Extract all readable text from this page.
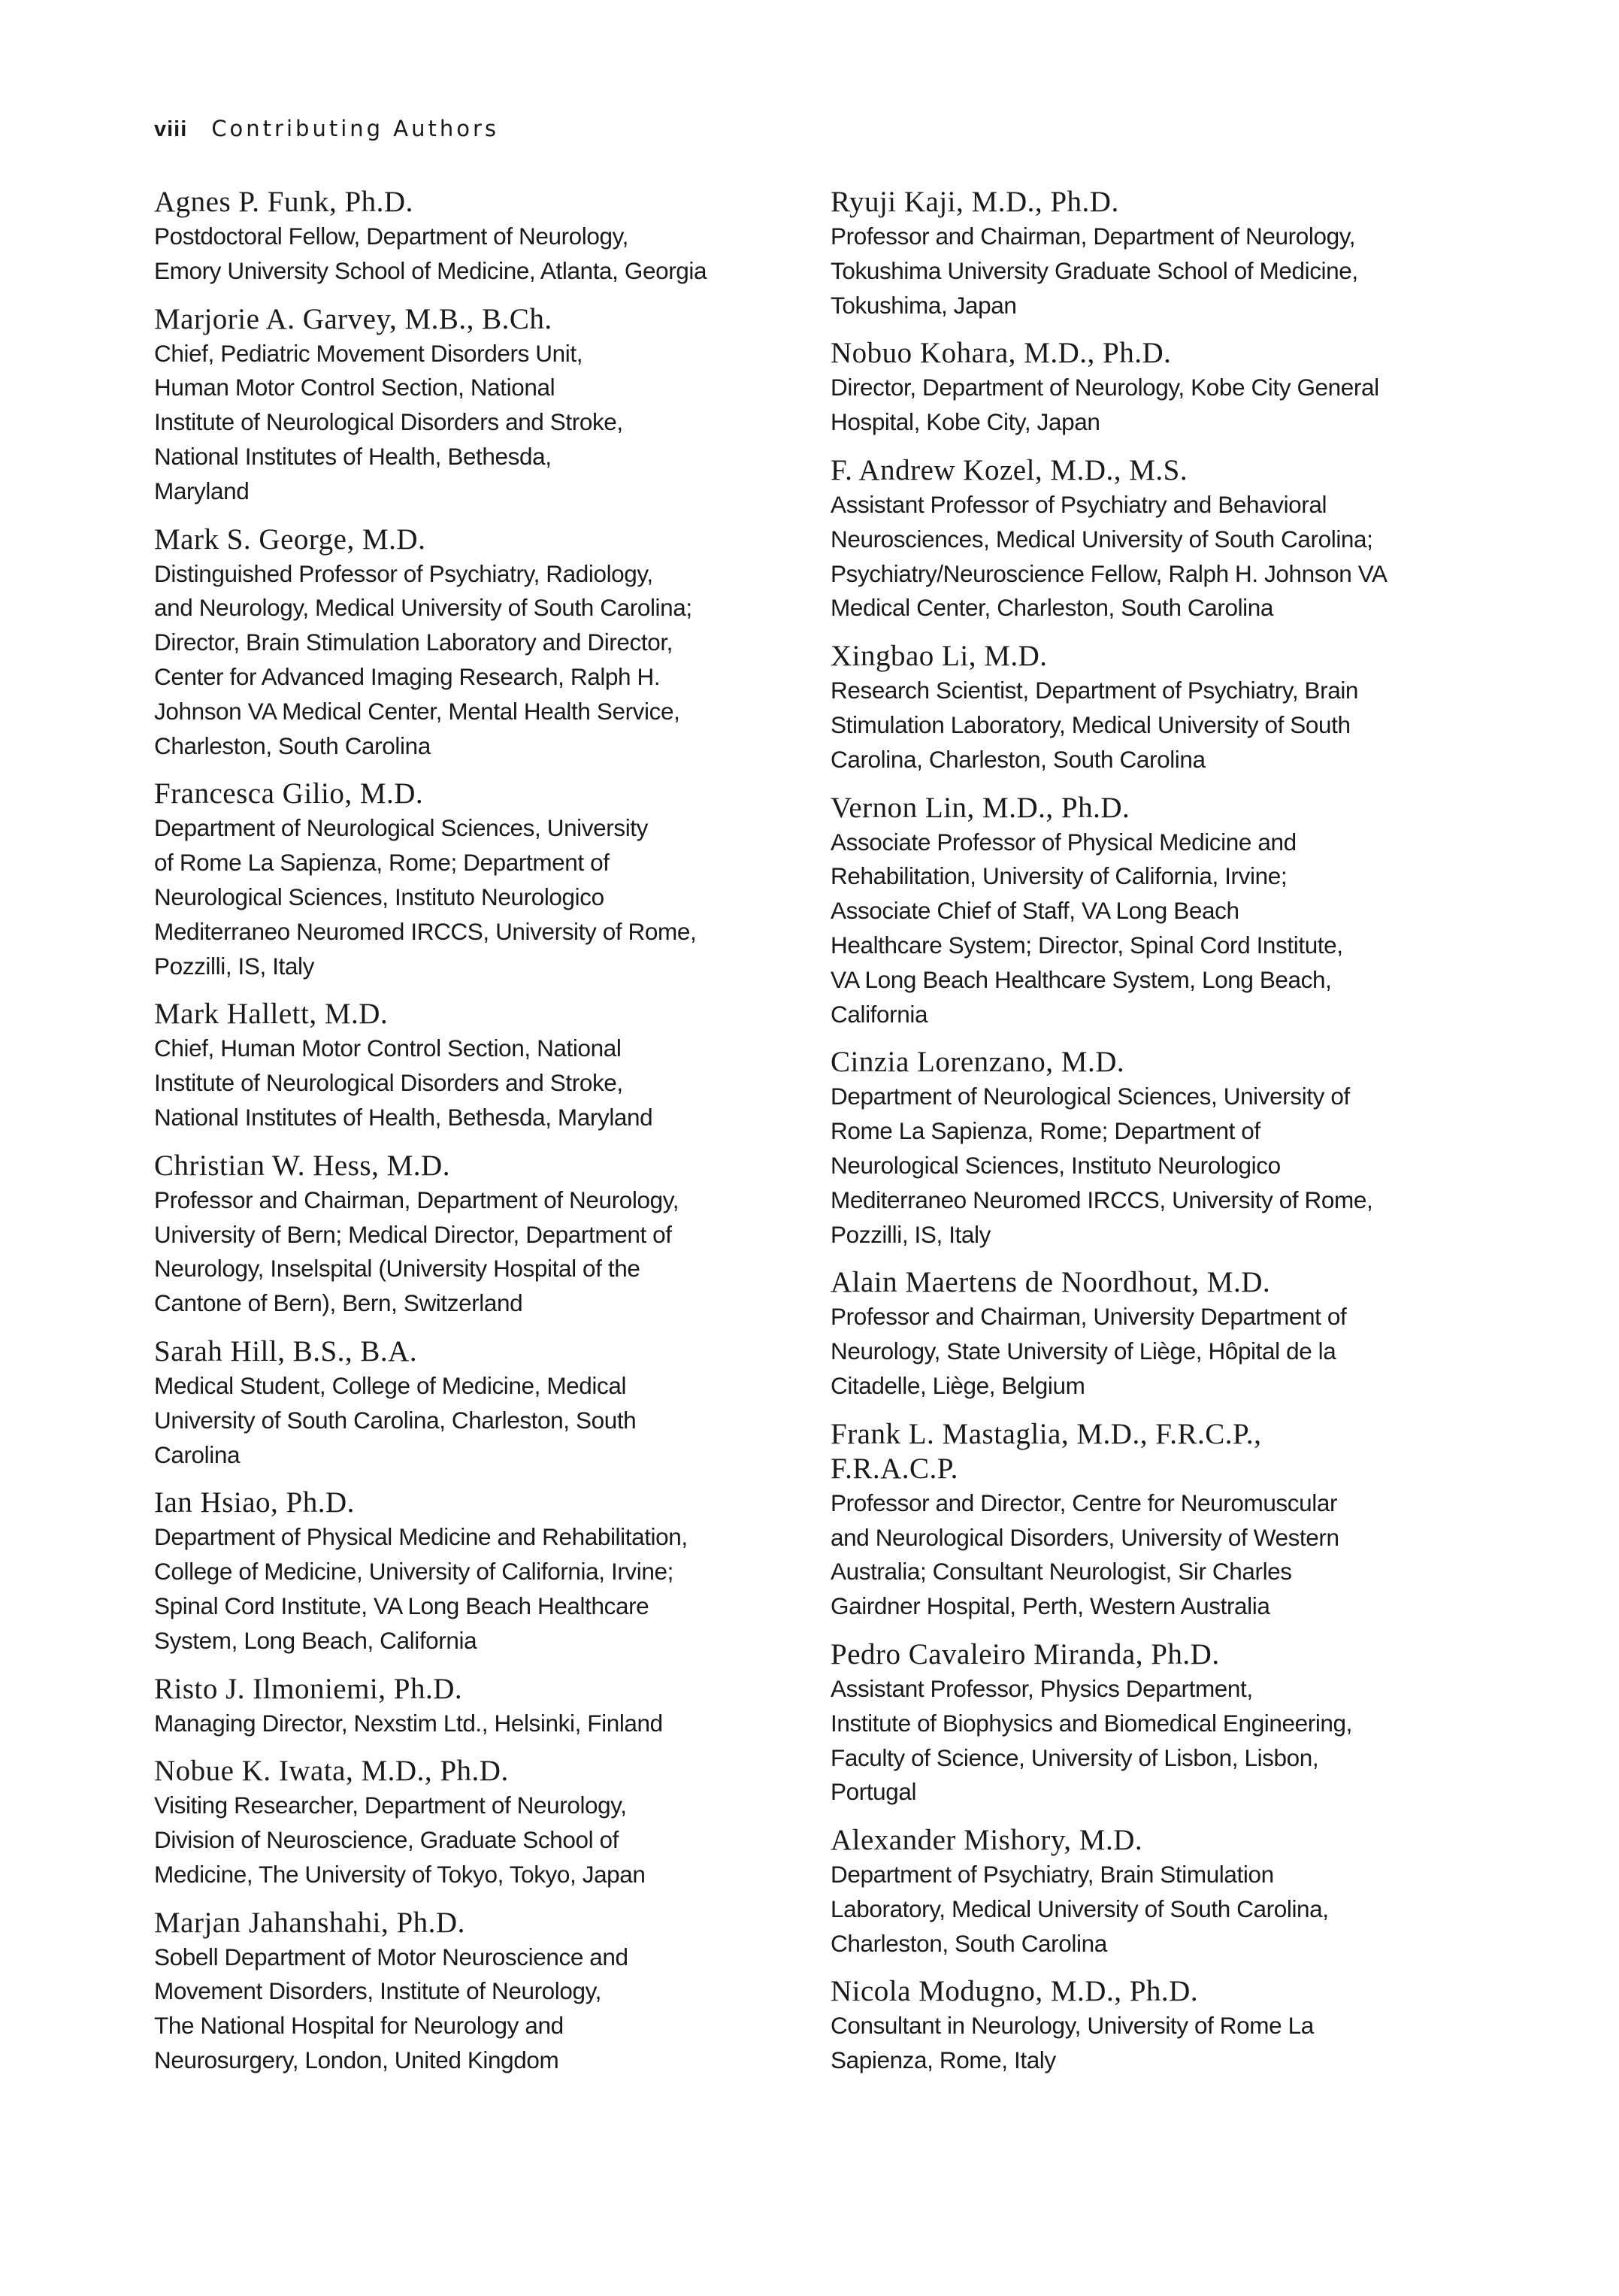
viii Contributing Authors
Agnes P. Funk, Ph.D.
Postdoctoral Fellow, Department of Neurology,
Emory University School of Medicine, Atlanta, Georgia
Marjorie A. Garvey, M.B., B.Ch.
Chief, Pediatric Movement Disorders Unit,
Human Motor Control Section, National
Institute of Neurological Disorders and Stroke,
National Institutes of Health, Bethesda,
Maryland
Mark S. George, M.D.
Distinguished Professor of Psychiatry, Radiology,
and Neurology, Medical University of South Carolina;
Director, Brain Stimulation Laboratory and Director,
Center for Advanced Imaging Research, Ralph H.
Johnson VA Medical Center, Mental Health Service,
Charleston, South Carolina
Francesca Gilio, M.D.
Department of Neurological Sciences, University
of Rome La Sapienza, Rome; Department of
Neurological Sciences, Instituto Neurologico
Mediterraneo Neuromed IRCCS, University of Rome,
Pozzilli, IS, Italy
Mark Hallett, M.D.
Chief, Human Motor Control Section, National
Institute of Neurological Disorders and Stroke,
National Institutes of Health, Bethesda, Maryland
Christian W. Hess, M.D.
Professor and Chairman, Department of Neurology,
University of Bern; Medical Director, Department of
Neurology, Inselspital (University Hospital of the
Cantone of Bern), Bern, Switzerland
Sarah Hill, B.S., B.A.
Medical Student, College of Medicine, Medical
University of South Carolina, Charleston, South
Carolina
Ian Hsiao, Ph.D.
Department of Physical Medicine and Rehabilitation,
College of Medicine, University of California, Irvine;
Spinal Cord Institute, VA Long Beach Healthcare
System, Long Beach, California
Risto J. Ilmoniemi, Ph.D.
Managing Director, Nexstim Ltd., Helsinki, Finland
Nobue K. Iwata, M.D., Ph.D.
Visiting Researcher, Department of Neurology,
Division of Neuroscience, Graduate School of
Medicine, The University of Tokyo, Tokyo, Japan
Marjan Jahanshahi, Ph.D.
Sobell Department of Motor Neuroscience and
Movement Disorders, Institute of Neurology,
The National Hospital for Neurology and
Neurosurgery, London, United Kingdom
Ryuji Kaji, M.D., Ph.D.
Professor and Chairman, Department of Neurology,
Tokushima University Graduate School of Medicine,
Tokushima, Japan
Nobuo Kohara, M.D., Ph.D.
Director, Department of Neurology, Kobe City General
Hospital, Kobe City, Japan
F. Andrew Kozel, M.D., M.S.
Assistant Professor of Psychiatry and Behavioral
Neurosciences, Medical University of South Carolina;
Psychiatry/Neuroscience Fellow, Ralph H. Johnson VA
Medical Center, Charleston, South Carolina
Xingbao Li, M.D.
Research Scientist, Department of Psychiatry, Brain
Stimulation Laboratory, Medical University of South
Carolina, Charleston, South Carolina
Vernon Lin, M.D., Ph.D.
Associate Professor of Physical Medicine and
Rehabilitation, University of California, Irvine;
Associate Chief of Staff, VA Long Beach
Healthcare System; Director, Spinal Cord Institute,
VA Long Beach Healthcare System, Long Beach,
California
Cinzia Lorenzano, M.D.
Department of Neurological Sciences, University of
Rome La Sapienza, Rome; Department of
Neurological Sciences, Instituto Neurologico
Mediterraneo Neuromed IRCCS, University of Rome,
Pozzilli, IS, Italy
Alain Maertens de Noordhout, M.D.
Professor and Chairman, University Department of
Neurology, State University of Liège, Hôpital de la
Citadelle, Liège, Belgium
Frank L. Mastaglia, M.D., F.R.C.P.,
F.R.A.C.P.
Professor and Director, Centre for Neuromuscular
and Neurological Disorders, University of Western
Australia; Consultant Neurologist, Sir Charles
Gairdner Hospital, Perth, Western Australia
Pedro Cavaleiro Miranda, Ph.D.
Assistant Professor, Physics Department,
Institute of Biophysics and Biomedical Engineering,
Faculty of Science, University of Lisbon, Lisbon,
Portugal
Alexander Mishory, M.D.
Department of Psychiatry, Brain Stimulation
Laboratory, Medical University of South Carolina,
Charleston, South Carolina
Nicola Modugno, M.D., Ph.D.
Consultant in Neurology, University of Rome La
Sapienza, Rome, Italy
